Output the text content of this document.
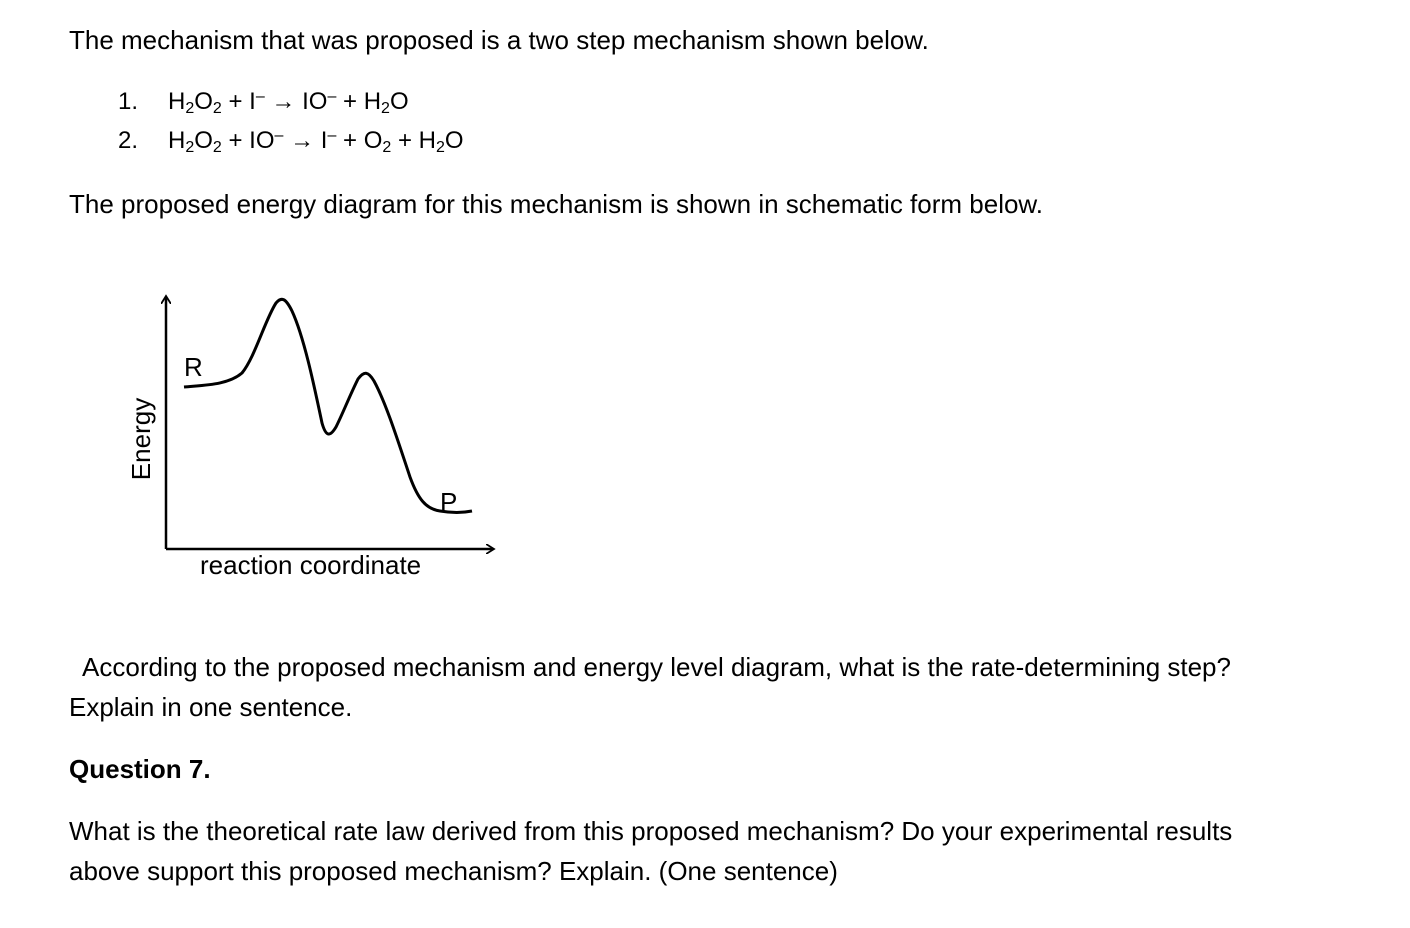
The mechanism that was proposed is a two step mechanism shown below.

1. $H_2O_2 + I^- \to IO^- + H_2O$

2. $H_2O_2 + IO^- \to I^- + O_2 + H_2O$

The proposed energy diagram for this mechanism is shown in schematic form below.

R
P
reaction coordinate
Energy

According to the proposed mechanism and energy level diagram, what is the rate-determining step?

Explain in one sentence.

Question 7.

What is the theoretical rate law derived from this proposed mechanism? Do your experimental results

above support this proposed mechanism? Explain. (One sentence)
